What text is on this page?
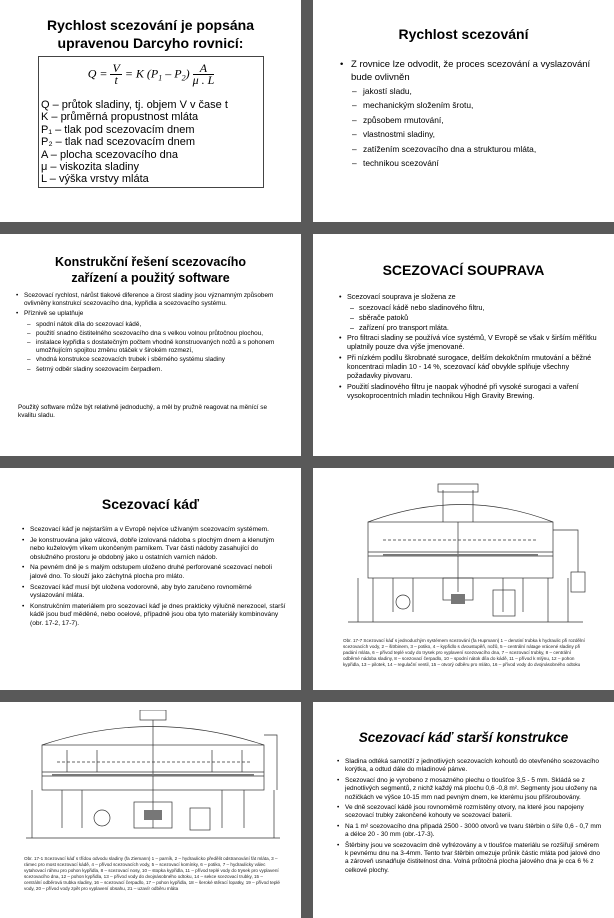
Rychlost scezování je popsána
upravenou Darcyho rovnicí:
$Q = \frac{V}{t} = K$ $(P_1 - P_2) \frac{A}{\mu . L}$
Q – průtok sladiny, tj. objem V v čase t
K – průměrná propustnost mláta
P₁ – tlak pod scezovacím dnem
P₂ – tlak nad scezovacím dnem
A – plocha scezovacího dna
μ – viskozita sladiny
L – výška vrstvy mláta
Rychlost scezování
• Z rovnice lze odvodit, že proces scezování a vyslazování bude ovlivněn
– jakostí sladu,
– mechanickým složením šrotu,
– způsobem rmutování,
– vlastnostmi sladiny,
– zatížením scezovacího dna a strukturou mláta,
– technikou scezování
Konstrukční řešení scezovacího
zařízení a použitý software
• Scezovací rychlost, nárůst tlakové diference a čirost sladiny jsou významným způsobem ovlivněny konstrukcí scezovacího dna, kypřidla a scezovacího systému.
• Příznivě se uplatňuje
– spodní nátok díla do scezovací kádě,
– použití snadno čistitelného scezovacího dna s velkou volnou průtočnou plochou,
– instalace kypřidla s dostatečným počtem vhodně konstruovaných nožů a s pohonem umožňujícím spojitou změnu otáček v širokém rozmezí,
– vhodná konstrukce scezovacích trubek i sběrného systému sladiny
– šetrný odběr sladiny scezovacím čerpadlem.
Použitý software může být relativně jednoduchý, a měl by pružně reagovat na měnící se kvalitu sladu.
SCEZOVACÍ SOUPRAVA
• Scezovací souprava je složena ze
– scezovací kádě nebo sladinového filtru,
– sběrače patoků
– zařízení pro transport mláta.
• Pro filtraci sladiny se používá více systémů, V Evropě se však v širším měřítku uplatnily pouze dva výše jmenované.
• Při nízkém podílu škrobnaté surogace, delším dekokčním rmutování a běžné koncentraci mladin 10 - 14 %, scezovací káď obvykle splňuje všechny požadavky pivovaru.
• Použití sladinového filtru je naopak výhodné při vysoké surogaci a vaření vysokoprocentních mladin technikou High Gravity Brewing.
Scezovací káď
• Scezovací káď je nejstarším a v Evropě nejvíce užívaným scezovacím systémem.
• Je konstruována jako válcová, dobře izolovaná nádoba s plochým dnem a klenutým nebo kuželovým víkem ukončeným parníkem. Tvar části nádoby zasahující do obslužného prostoru je obdobný jako u ostatních varních nádob.
• Na pevném dně je s malým odstupem uloženo druhé perforované scezovací neboli jalové dno. To slouží jako záchytná plocha pro mláto.
• Scezovací káď musí být uložena vodorovně, aby bylo zaručeno rovnoměrné vyslazování mláta.
• Konstrukčním materiálem pro scezovací káď je dnes prakticky výlučně nerezocel, starší kádě jsou buď měděné, nebo ocelové, případně jsou oba tyto materiály kombinovány (obr. 17-2, 17-7).
Obr. 17-7 Scezovací káď s jednoduchým systémem scezování (fa Hupmann) 1 – derutiní trubka k hydraulic při rozdělní scezovacích vody, 2 – šitrbinem, 3 – potiko, 4 – kypřidlo s dvoustupěň, nožů, 5 – centrální nátage vrácené sladiny při padání mláta, 6 – přívod teplé vody do trysek pro vyplavení scezovacího dna, 7 – scezovací trubky, 8 – centrální odběrné nádoba sladiny, 8 – scezovací čerpadlo, 10 – spodní nátok díla do kádě, 11 – přívod k mlýnu, 12 – pohon kypřidla, 13 – pilotek, 14 – regulační ventil, 15 – otvorý odběru pro mláto, 16 – přívod vody do dvojnásobného odtoku
Obr. 17-1 Scezovací káď s třídou odvodu sladiny (fa Ziemann) 1 – parník, 2 – hydraulicko předělit odstranování fát mláta, 3 – rámec pro most scezovací kádě, 4 – přívod scezovacích vody, 5 – scezovací komínky, 6 – potiko, 7 – hydraulicky válec vytahovací ráhnu pro pohon kypřidla, 8 – scezovací nosy, 10 – stopka kypřidla, 11 – přívod teplé vody do trysek pro vyplavení scezovacího dna, 12 – pohon kypřidla, 13 – přívod vody do dvojnásobného odtoku, 14 – sekce scezovací trubky, 15 – centrální odběrová trubka sladiny, 16 – scezovací čerpadlo, 17 – pohon kypřidla, 18 – šeroké stěrací lopatky, 19 – přívod teplé vody, 20 – přívod vody zpět pro vyplavení obsahu, 21 – uzavír odběru mláta
Scezovací káď starší konstrukce
• Sladina odtéká samotíží z jednotlivých scezovacích kohoutů do otevřeného scezovacího korýtka, a odtud dále do mladinové pánve.
• Scezovací dno je vyrobeno z mosazného plechu o tloušťce 3,5 - 5 mm. Skládá se z jednotlivých segmentů, z nichž každý má plochu 0,6 -0,8 m². Segmenty jsou uloženy na nožičkách ve výšce 10-15 mm nad pevným dnem, ke kterému jsou přišroubovány.
• Ve dně scezovací kádě jsou rovnoměrně rozmístěny otvory, na které jsou napojeny scezovací trubky zakončené kohouty ve scezovací baterii.
• Na 1 m² scezovacího dna připadá 2500 - 3000 otvorů ve tvaru štěrbin o šíře 0,6 - 0,7 mm a délce 20 - 30 mm (obr.-17-3).
• Štěrbiny jsou ve scezovacím dně vyfrézovány a v tloušťce materiálu se rozšiřují směrem k pevnému dnu na 3-4mm. Tento tvar štěrbin omezuje průnik částic mláta pod jalové dno a zároveň usnadňuje čistitelnost dna. Volná průtočná plocha jalového dna je cca 6 % z celkové plochy.
